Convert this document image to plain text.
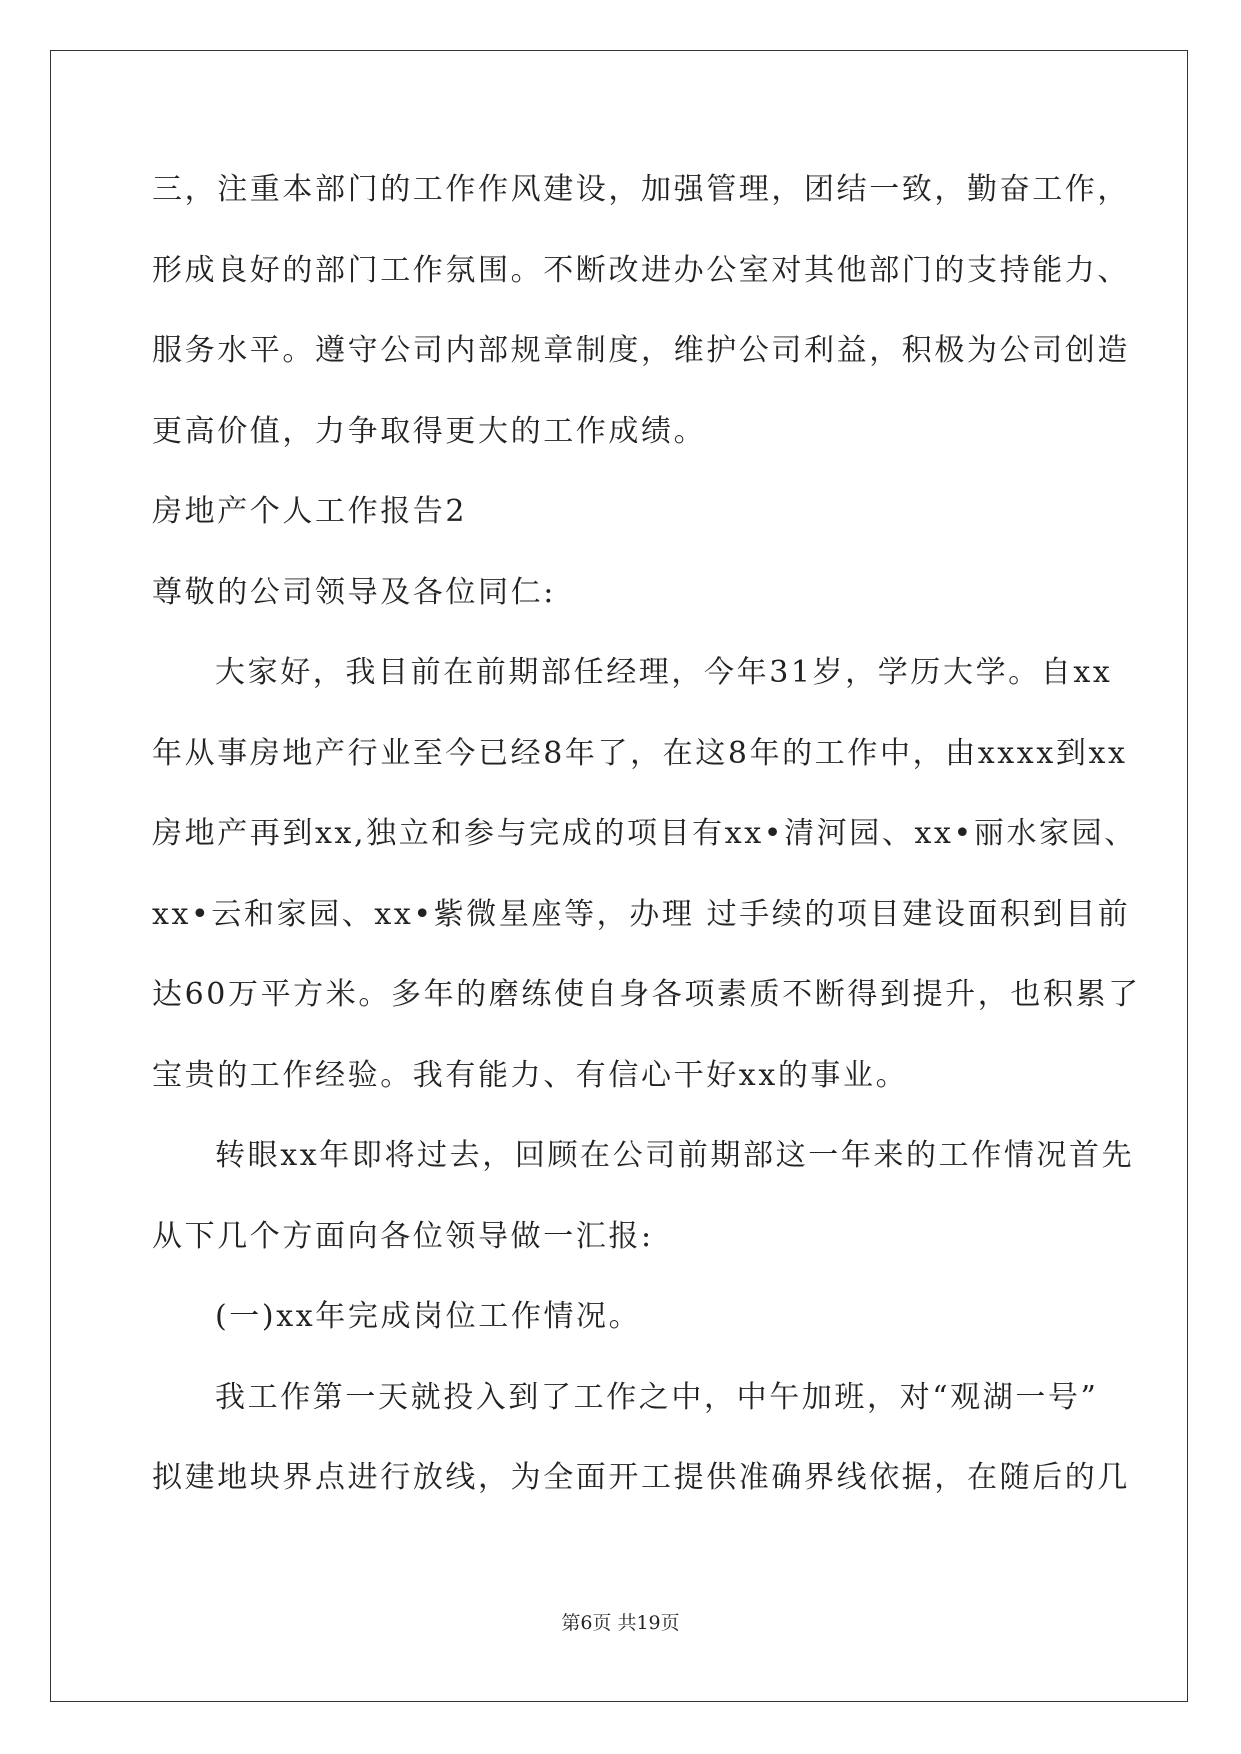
三，注重本部门的工作作风建设，加强管理，团结一致，勤奋工作，
形成良好的部门工作氛围。不断改进办公室对其他部门的支持能力、
服务水平。遵守公司内部规章制度，维护公司利益，积极为公司创造
更高价值，力争取得更大的工作成绩。
房地产个人工作报告2
尊敬的公司领导及各位同仁:
大家好，我目前在前期部任经理，今年31岁，学历大学。自xx
年从事房地产行业至今已经8年了，在这8年的工作中，由xxxx到xx
房地产再到xx,独立和参与完成的项目有xx•清河园、xx•丽水家园、
xx•云和家园、xx•紫微星座等，办理 过手续的项目建设面积到目前
达60万平方米。多年的磨练使自身各项素质不断得到提升，也积累了
宝贵的工作经验。我有能力、有信心干好xx的事业。
转眼xx年即将过去，回顾在公司前期部这一年来的工作情况首先
从下几个方面向各位领导做一汇报:
(一)xx年完成岗位工作情况。
我工作第一天就投入到了工作之中，中午加班，对“观湖一号”
拟建地块界点进行放线，为全面开工提供准确界线依据，在随后的几
第6页 共19页
